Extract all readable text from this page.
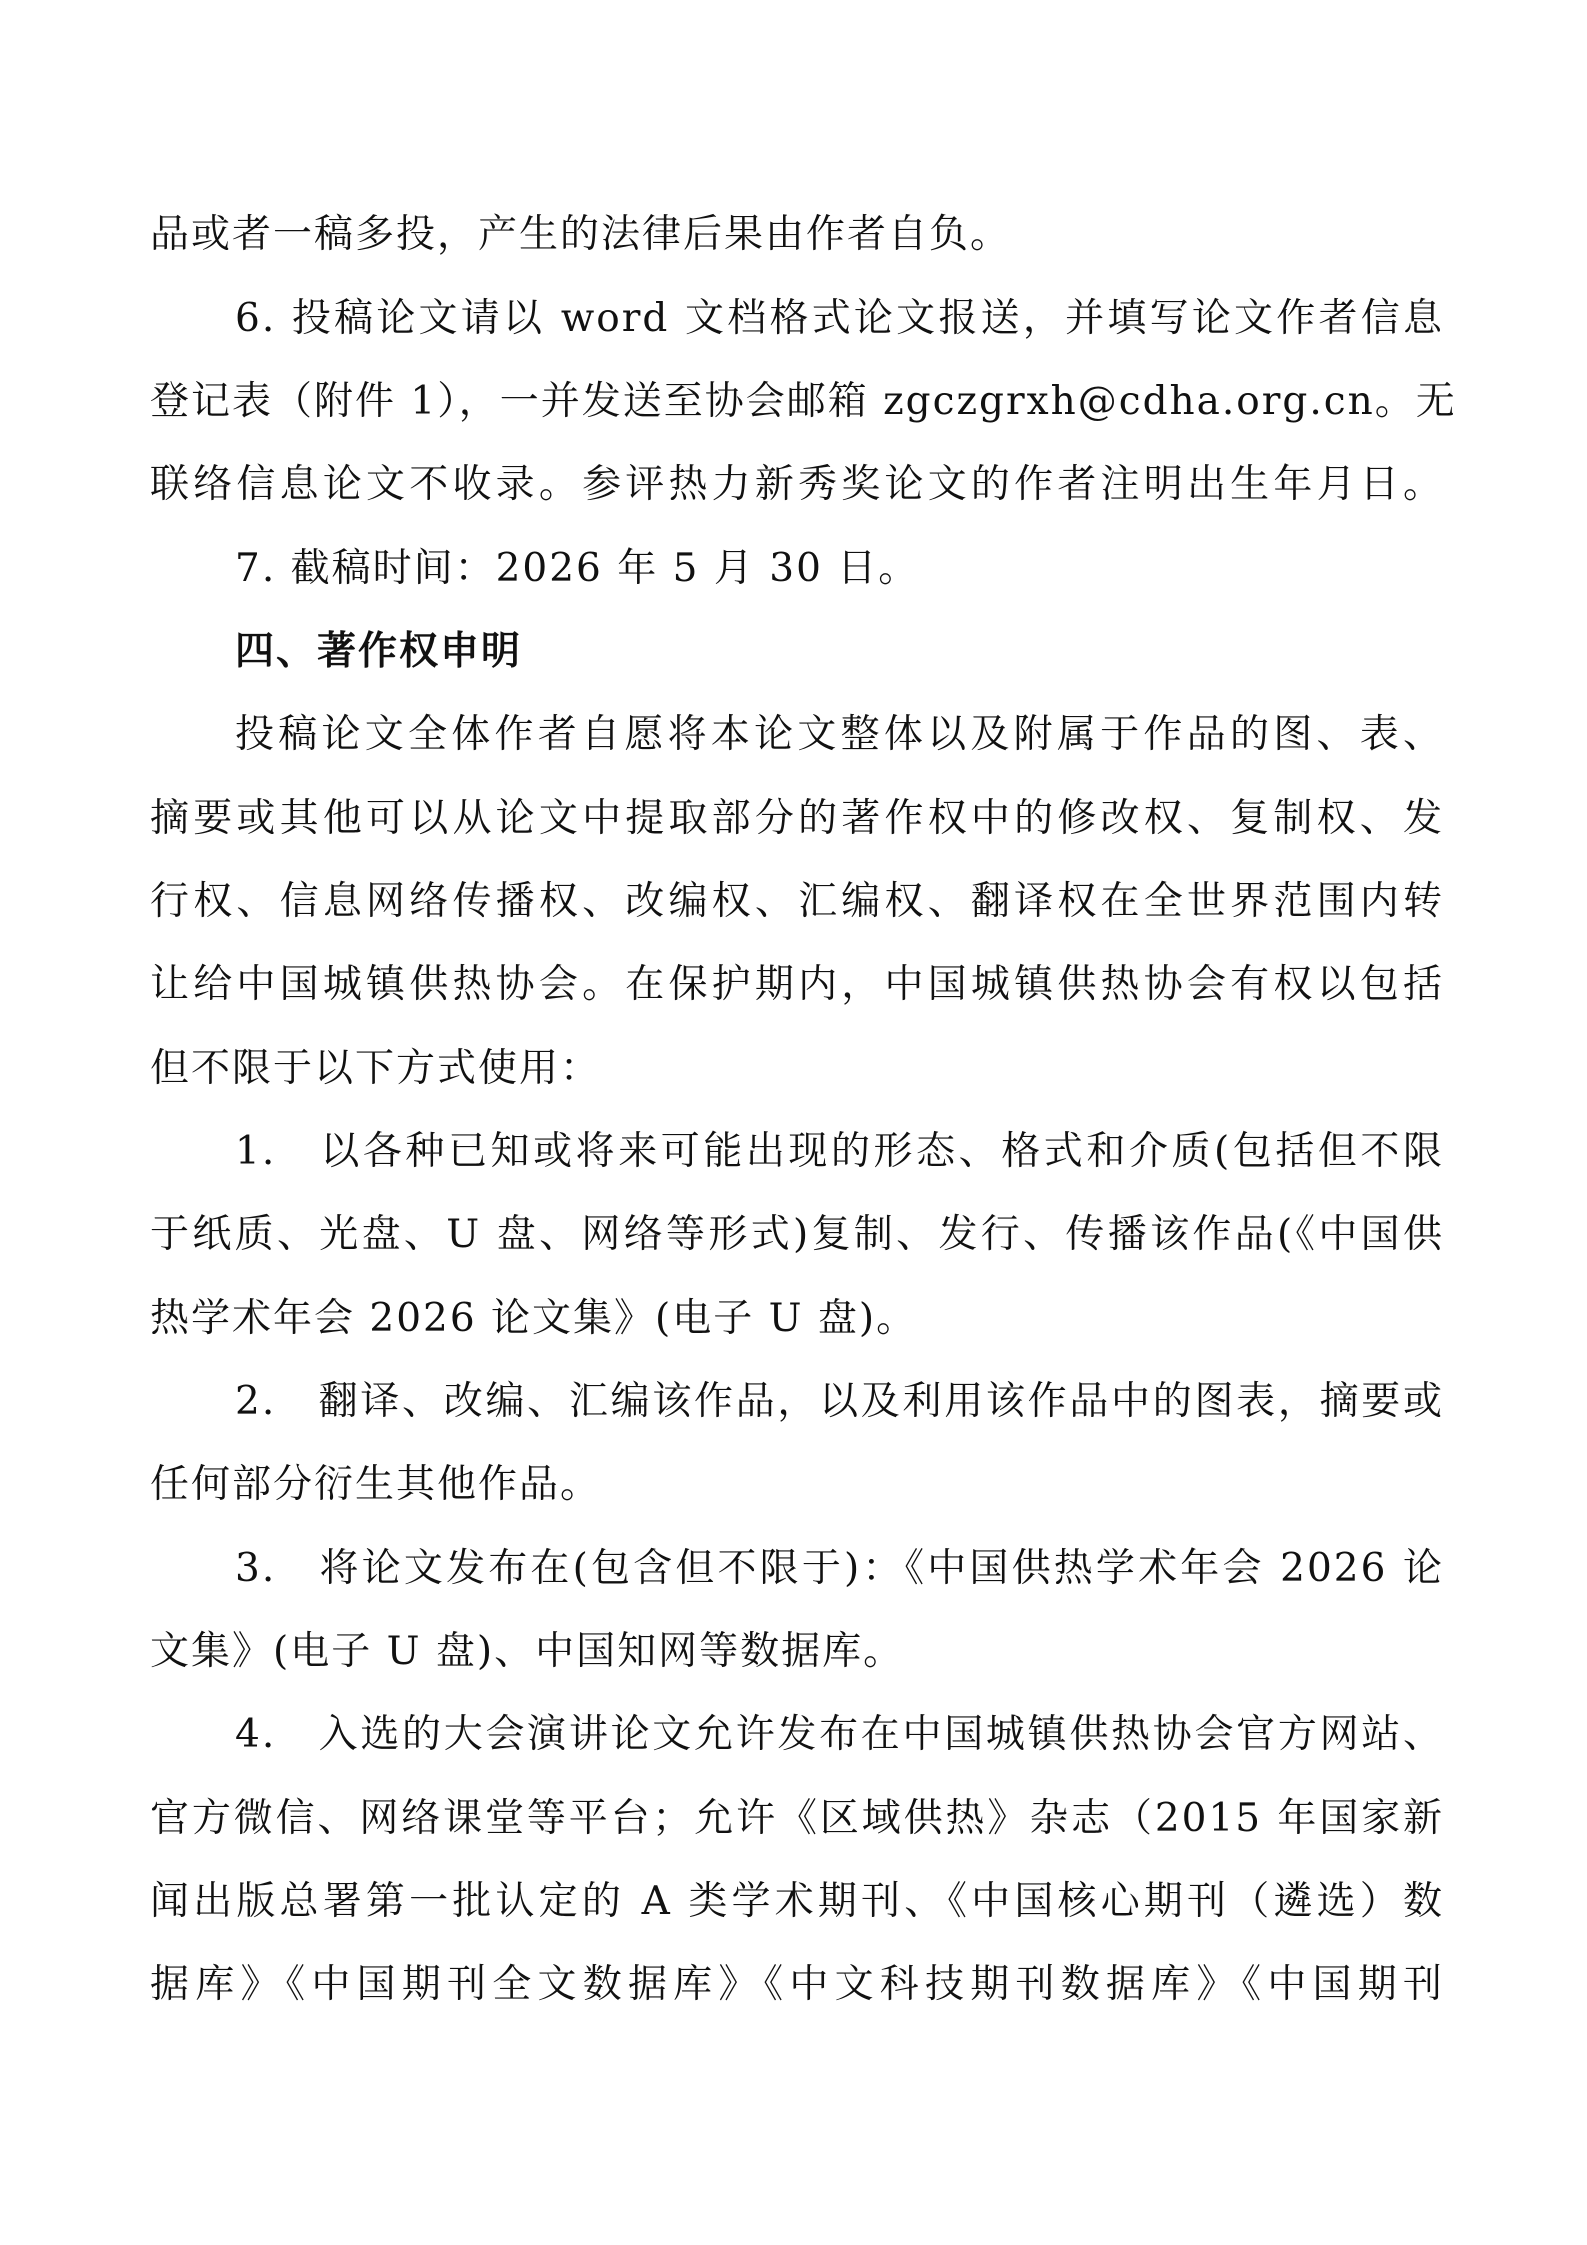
品或者一稿多投，产生的法律后果由作者自负。
6. 投稿论文请以 word 文档格式论文报送，并填写论文作者信息
登记表（附件 1），一并发送至协会邮箱 zgczgrxh@cdha.org.cn。无
联络信息论文不收录。参评热力新秀奖论文的作者注明出生年月日。
7. 截稿时间：2026 年 5 月 30 日。
四、著作权申明
投稿论文全体作者自愿将本论文整体以及附属于作品的图、表、
摘要或其他可以从论文中提取部分的著作权中的修改权、复制权、发
行权、信息网络传播权、改编权、汇编权、翻译权在全世界范围内转
让给中国城镇供热协会。在保护期内，中国城镇供热协会有权以包括
但不限于以下方式使用：
1.　以各种已知或将来可能出现的形态、格式和介质(包括但不限
于纸质、光盘、U 盘、网络等形式)复制、发行、传播该作品(《中国供
热学术年会 2026 论文集》(电子 U 盘)。
2.　翻译、改编、汇编该作品，以及利用该作品中的图表，摘要或
任何部分衍生其他作品。
3.　将论文发布在(包含但不限于)：《中国供热学术年会 2026 论
文集》(电子 U 盘)、中国知网等数据库。
4.　入选的大会演讲论文允许发布在中国城镇供热协会官方网站、
官方微信、网络课堂等平台；允许《区域供热》杂志（2015 年国家新
闻出版总署第一批认定的 A 类学术期刊、《中国核心期刊（遴选）数
据库》《中国期刊全文数据库》《中文科技期刊数据库》《中国期刊
